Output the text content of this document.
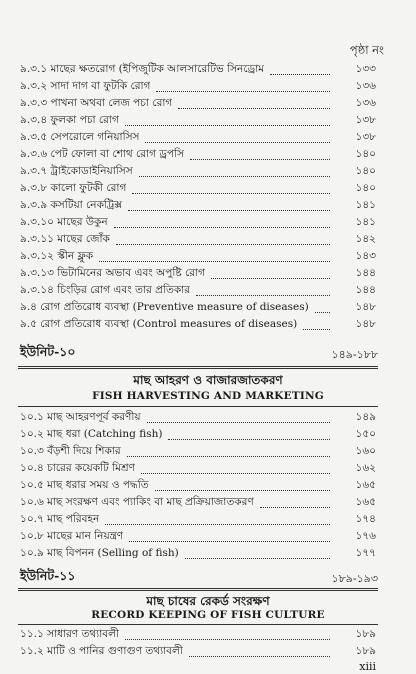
পৃষ্ঠা নং
৯.৩.১ মাছের ক্ষতরোগ (ইপিজুটিক আলসারেটিভ সিনড্রোম	১৩৩
৯.৩.২ সাদা দাগ বা ফুটকি রোগ	১৩৬
৯.৩.৩ পাখনা অথবা লেজ পচা রোগ	১৩৬
৯.৩.৪ ফুলকা পচা রোগ	১৩৮
৯.৩.৫ সেপরোলে গনিয়াসিস	১৩৮
৯.৩.৬ পেট ফোলা বা শোথ রোগ ড্রপসি	১৪০
৯.৩.৭ ট্রাইকোডাইনিয়াসিস	১৪০
৯.৩.৮ কালো ফুটকী রোগ	১৪০
৯.৩.৯ কসটিয়া নেকট্রিক্স	১৪১
৯.৩.১০ মাছের উকুন	১৪১
৯.৩.১১ মাছের জোঁক	১৪২
৯.৩.১২ স্কীন ফ্লুক	১৪৩
৯.৩.১৩ ভিটামিনের অভাব এবং অপুষ্টি রোগ	১৪৪
৯.৩.১৪ চিংড়ির রোগ এবং তার প্রতিকার	১৪৪
৯.৪ রোগ প্রতিরোধ ব্যবস্থা (Preventive measure of diseases)	১৪৮
৯.৫ রোগ প্রতিরোধ ব্যবস্থা (Control measures of diseases)	১৪৮
ইউনিট-১০	১৪৯-১৮৮
মাছ আহরণ ও বাজারজাতকরণ
FISH HARVESTING AND MARKETING
১০.১ মাছ আহরণপূর্ব করণীয়	১৪৯
১০.২ মাছ ধরা (Catching fish)	১৫০
১০.৩ বঁড়শী দিয়ে শিকার	১৬০
১০.৪ চারের কয়েকটি মিশ্রণ	১৬২
১০.৫ মাছ ধরার সময় ও পদ্ধতি	১৬৫
১০.৬ মাছ সংরক্ষণ এবং প্যাকিং বা মাছ প্রক্রিয়াজাতকরণ	১৬৫
১০.৭ মাছ পরিবহন	১৭৪
১০.৮ মাছের মান নিয়ন্ত্রণ	১৭৬
১০.৯ মাছ বিপনন (Selling of fish)	১৭৭
ইউনিট-১১	১৮৯-১৯৩
মাছ চাষের রেকর্ড সংরক্ষণ
RECORD KEEPING OF FISH CULTURE
১১.১ সাধারণ তথ্যাবলী	১৮৯
১১.২ মাটি ও পানির গুণাগুণ তথ্যাবলী	১৮৯
xiii
